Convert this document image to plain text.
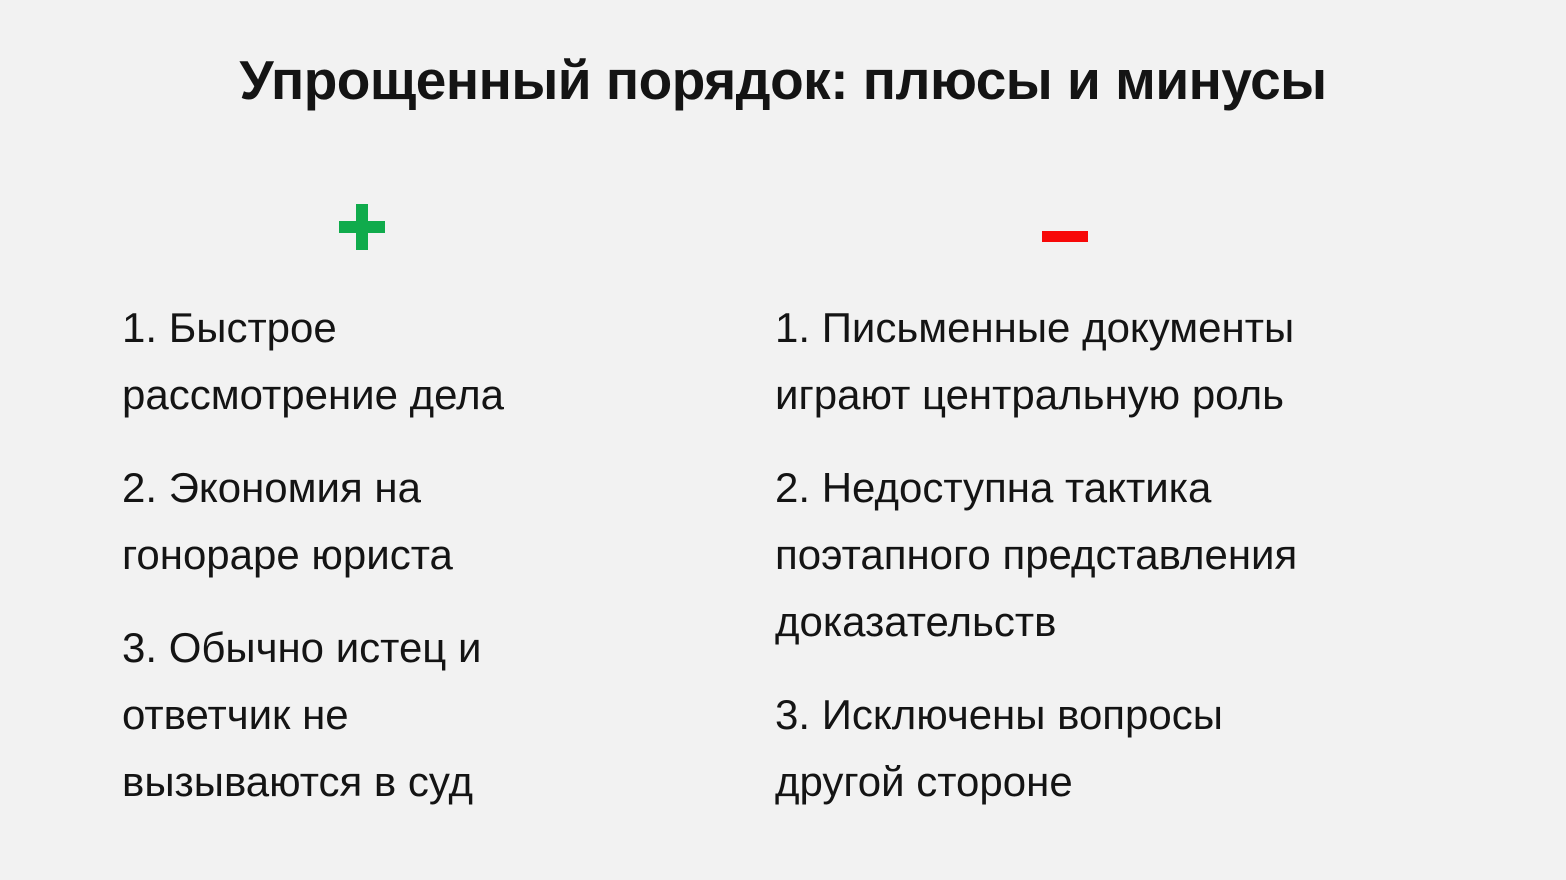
Упрощенный порядок: плюсы и минусы
1. Быстрое
рассмотрение дела
2. Экономия на
гонораре юриста
3. Обычно истец и
ответчик не
вызываются в суд
1. Письменные документы
играют центральную роль
2. Недоступна тактика
поэтапного представления
доказательств
3. Исключены вопросы
другой стороне
